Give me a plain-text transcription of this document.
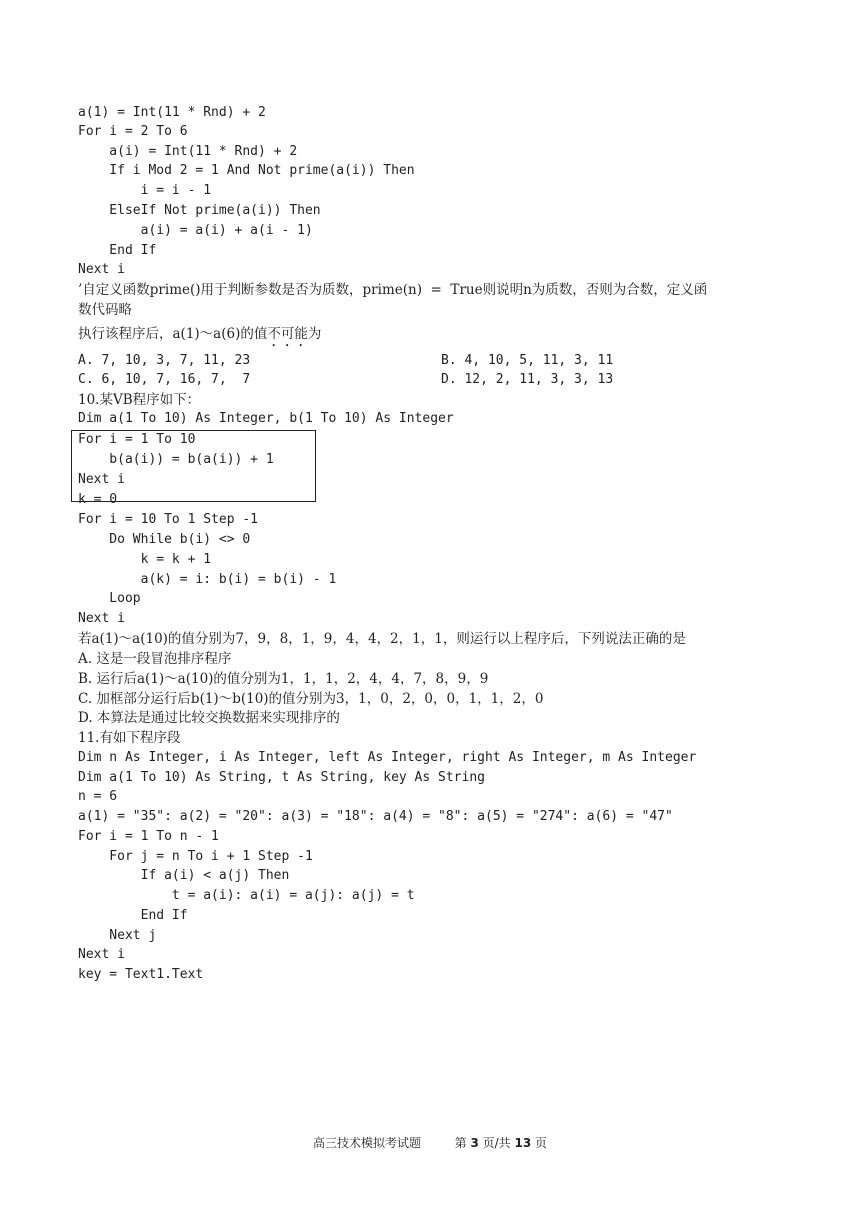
a(1) = Int(11 * Rnd) + 2
For i = 2 To 6
a(i) = Int(11 * Rnd) + 2
If i Mod 2 = 1 And Not prime(a(i)) Then
i = i - 1
ElseIf Not prime(a(i)) Then
a(i) = a(i) + a(i - 1)
End If
Next i
’自定义函数prime()用于判断参数是否为质数，prime(n)  =  True则说明n为质数，否则为合数，定义函
数代码略
执行该程序后，a(1)～a(6)的值不可能为
A. 7, 10, 3, 7, 11, 23	B. 4, 10, 5, 11, 3, 11
C. 6, 10, 7, 16, 7,  7	D. 12, 2, 11, 3, 3, 13
10.某VB程序如下：
Dim a(1 To 10) As Integer, b(1 To 10) As Integer
For i = 1 To 10
b(a(i)) = b(a(i)) + 1
Next i
k = 0
For i = 10 To 1 Step -1
Do While b(i) <> 0
k = k + 1
a(k) = i: b(i) = b(i) - 1
Loop
Next i
若a(1)～a(10)的值分别为7，9，8，1，9，4，4，2，1，1，则运行以上程序后，下列说法正确的是
A. 这是一段冒泡排序程序
B. 运行后a(1)～a(10)的值分别为1，1，1，2，4，4，7，8，9，9
C. 加框部分运行后b(1)～b(10)的值分别为3，1，0，2，0，0，1，1，2，0
D. 本算法是通过比较交换数据来实现排序的
11.有如下程序段
Dim n As Integer, i As Integer, left As Integer, right As Integer, m As Integer
Dim a(1 To 10) As String, t As String, key As String
n = 6
a(1) = "35": a(2) = "20": a(3) = "18": a(4) = "8": a(5) = "274": a(6) = "47"
For i = 1 To n - 1
For j = n To i + 1 Step -1
If a(i) < a(j) Then
t = a(i): a(i) = a(j): a(j) = t
End If
Next j
Next i
key = Text1.Text
高三技术模拟考试题	第 3 页/共 13 页
